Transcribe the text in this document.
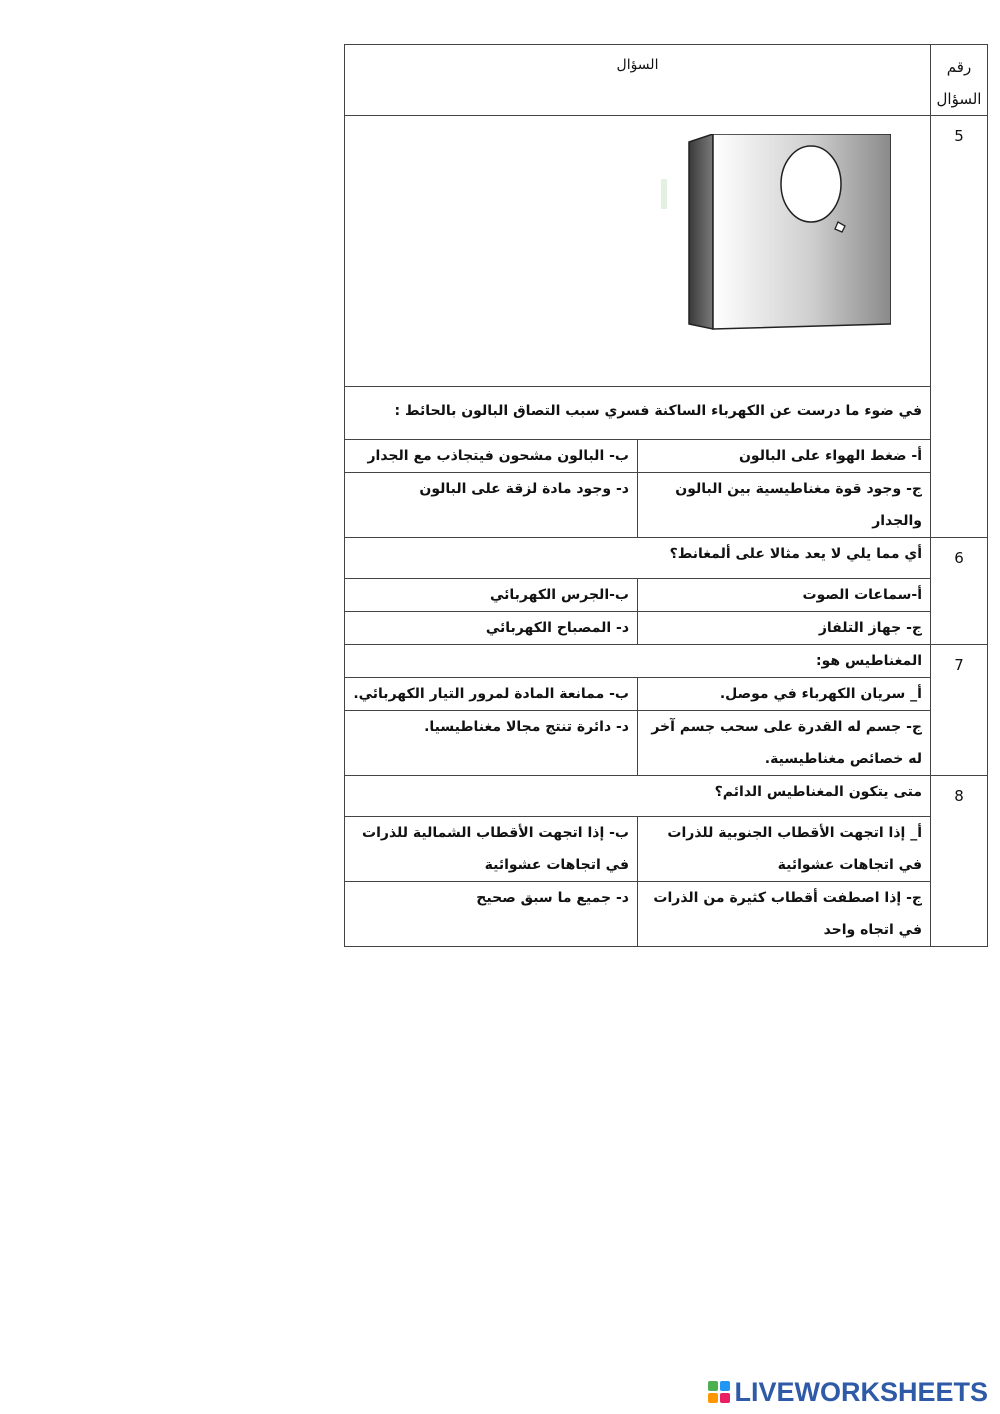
رقم السؤال	السؤال	

5

	في ضوء ما درست عن الكهرباء الساكنة فسري سبب التصاق البالون بالحائط :	
	أ- ضغط الهواء على البالون	ب- البالون مشحون فيتجاذب مع الجدار
	ج- وجود قوة مغناطيسية بين البالون والجدار	د- وجود مادة لزقة على البالون

6	أي مما يلي لا يعد مثالا على ألمغانط؟	
	أ-سماعات الصوت	ب-الجرس الكهربائي
	ج- جهاز التلفاز	د- المصباح الكهربائي

7	المغناطيس هو:	
	أ_ سريان الكهرباء في موصل.	ب- ممانعة المادة لمرور التيار الكهربائي.
	ج- جسم له القدرة على سحب جسم آخر له خصائص مغناطيسية.	د- دائرة تنتج مجالا مغناطيسيا.

8	متى يتكون المغناطيس الدائم؟	
	أ_ إذا اتجهت الأقطاب الجنوبية للذرات في اتجاهات عشوائية	ب- إذا اتجهت الأقطاب الشمالية للذرات في اتجاهات عشوائية
	ج- إذا اصطفت أقطاب كثيرة من الذرات في اتجاه واحد	د- جميع ما سبق صحيح
LIVEWORKSHEETS
